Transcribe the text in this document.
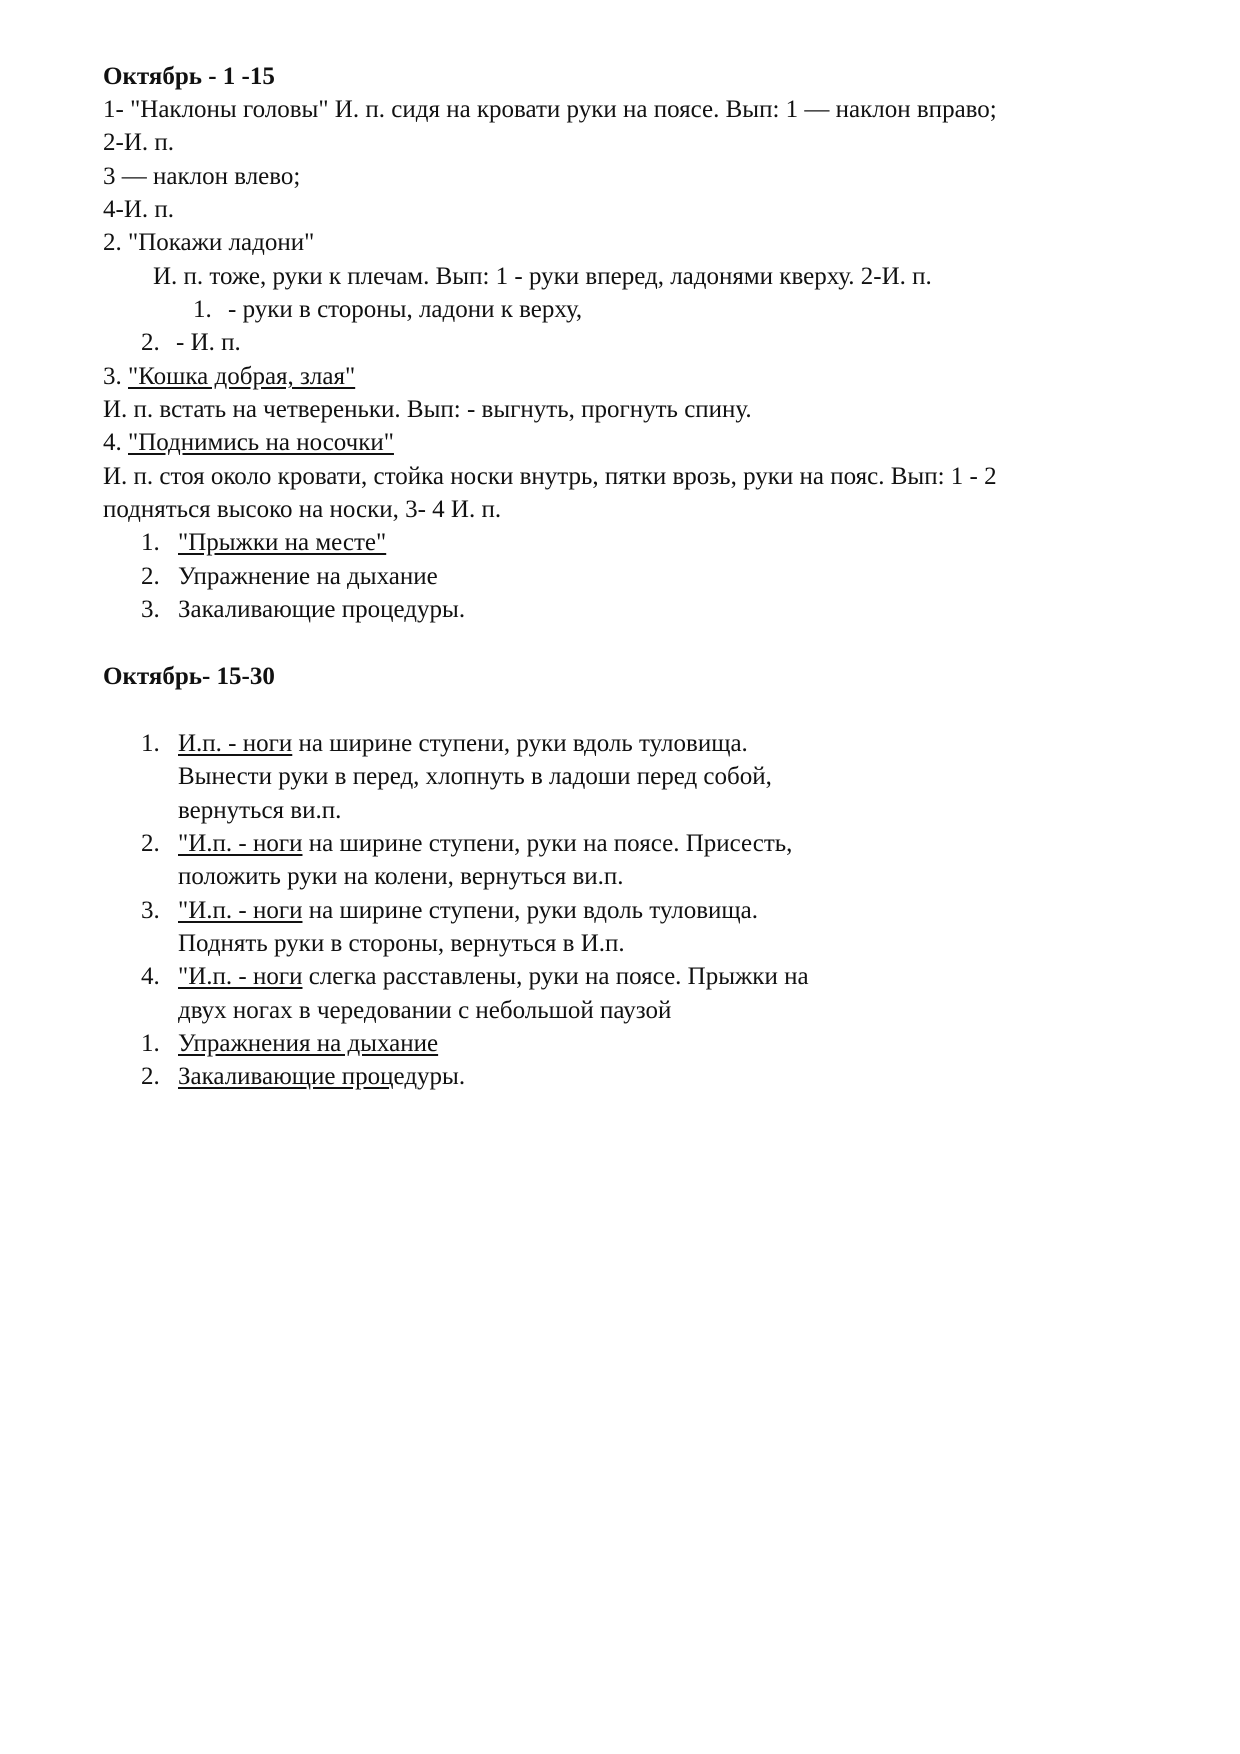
Октябрь - 1 -15
1- "Наклоны головы" И. п. сидя на кровати руки на поясе. Вып: 1 — наклон вправо;
2-И. п.
3 — наклон влево;
4-И. п.
2. "Покажи ладони"
И. п. тоже, руки к плечам. Вып: 1 - руки вперед, ладонями кверху. 2-И. п.
1. - руки в стороны, ладони к верху,
2. - И. п.
3. "Кошка добрая, злая"
И. п. встать на четвереньки. Вып: - выгнуть, прогнуть спину.
4. "Поднимись на носочки"
И. п. стоя около кровати, стойка носки внутрь, пятки врозь, руки на пояс. Вып: 1 - 2
подняться высоко на носки, 3- 4 И. п.
1. "Прыжки на месте"
2. Упражнение на дыхание
3. Закаливающие процедуры.
Октябрь- 15-30
1. И.п. - ноги на ширине ступени, руки вдоль туловища.
Вынести руки в перед, хлопнуть в ладоши перед собой,
вернуться ви.п.
2. "И.п. - ноги на ширине ступени, руки на поясе. Присесть,
положить руки на колени, вернуться ви.п.
3. "И.п. - ноги на ширине ступени, руки вдоль туловища.
Поднять руки в стороны, вернуться в И.п.
4. "И.п. - ноги слегка расставлены, руки на поясе. Прыжки на
двух ногах в чередовании с небольшой паузой
1. Упражнения на дыхание
2. Закаливающие процедуры.
